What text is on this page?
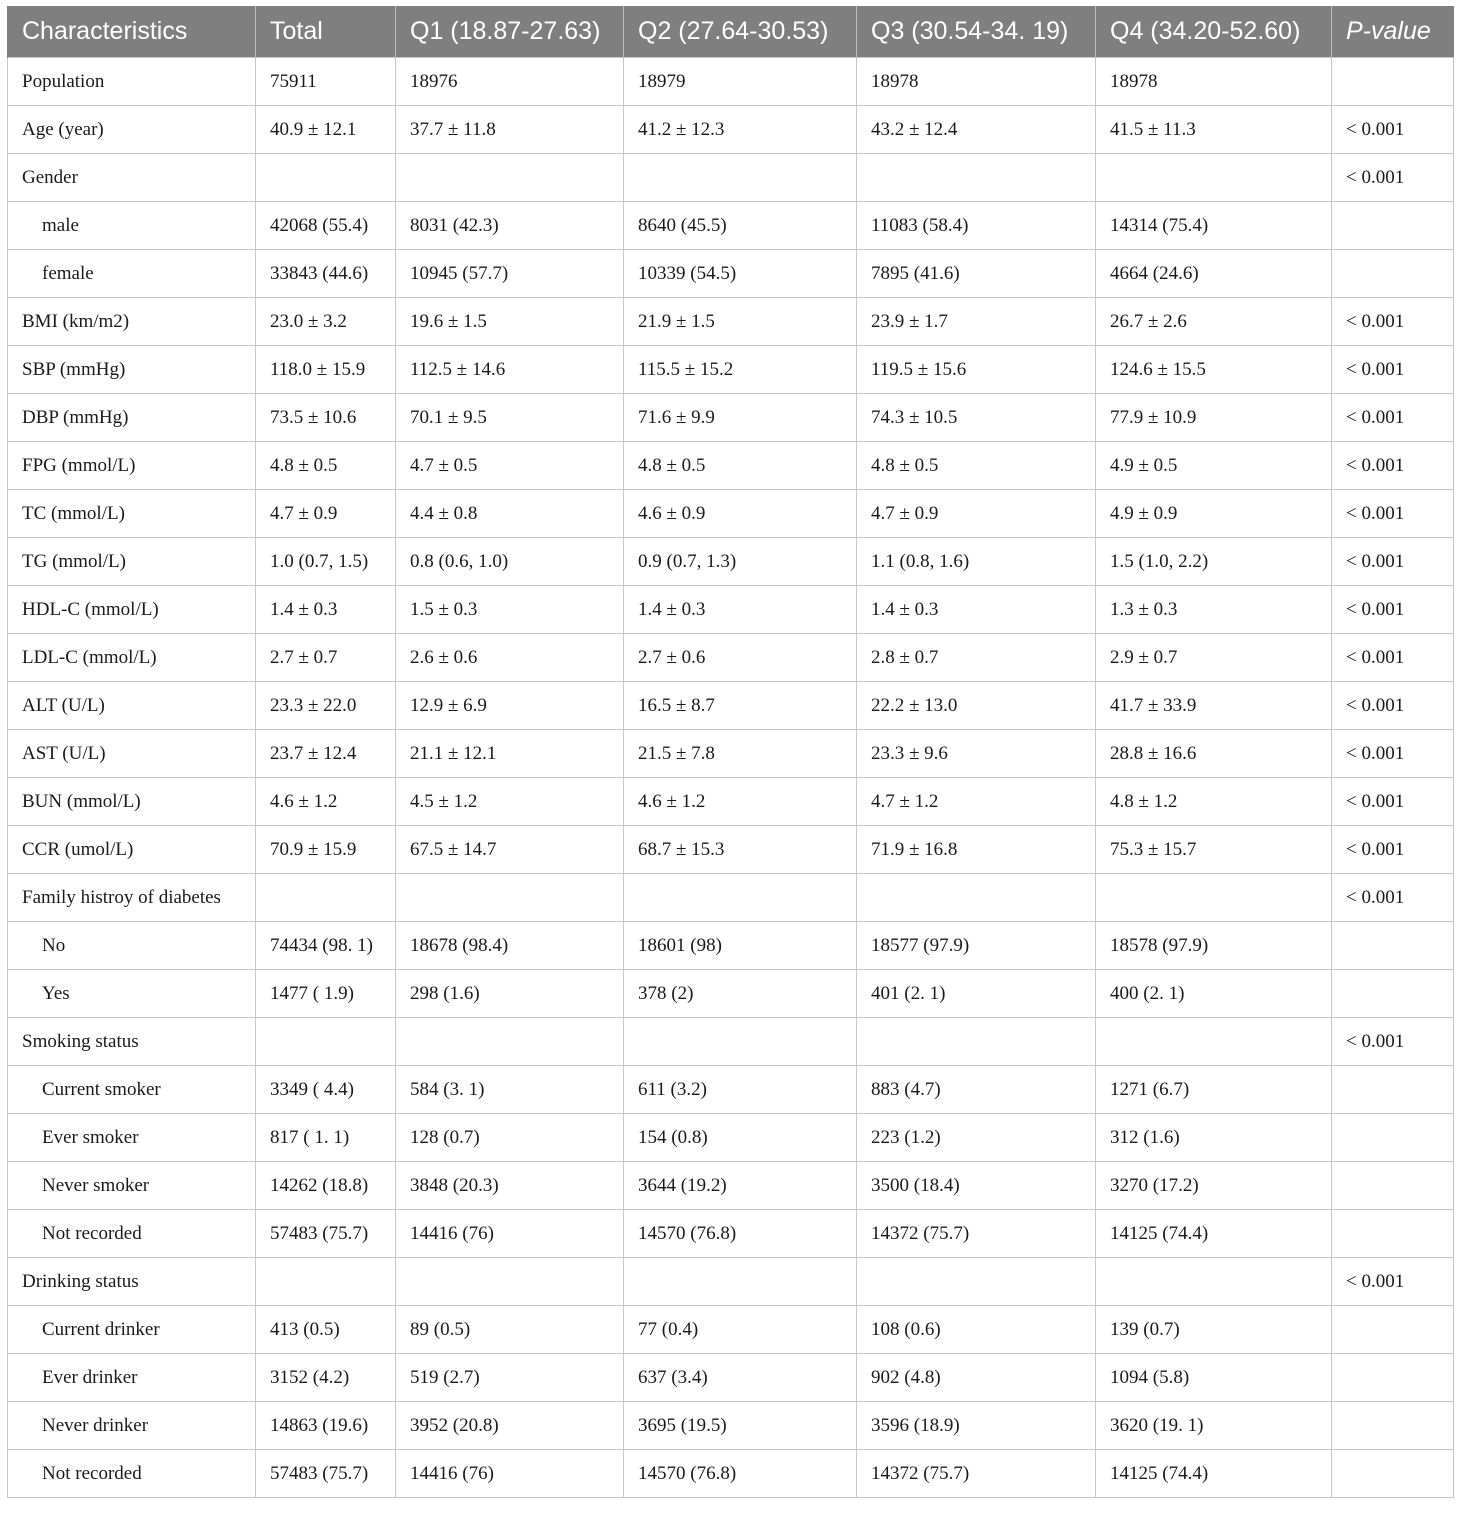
Characteristics	Total	Q1 (18.87-27.63)	Q2 (27.64-30.53)	Q3 (30.54-34. 19)	Q4 (34.20-52.60)	P-value
Population	75911	18976	18979	18978	18978	
Age (year)	40.9 ± 12.1	37.7 ± 11.8	41.2 ± 12.3	43.2 ± 12.4	41.5 ± 11.3	< 0.001
Gender						< 0.001
male	42068 (55.4)	8031 (42.3)	8640 (45.5)	11083 (58.4)	14314 (75.4)	
female	33843 (44.6)	10945 (57.7)	10339 (54.5)	7895 (41.6)	4664 (24.6)	
BMI (km/m2)	23.0 ± 3.2	19.6 ± 1.5	21.9 ± 1.5	23.9 ± 1.7	26.7 ± 2.6	< 0.001
SBP (mmHg)	118.0 ± 15.9	112.5 ± 14.6	115.5 ± 15.2	119.5 ± 15.6	124.6 ± 15.5	< 0.001
DBP (mmHg)	73.5 ± 10.6	70.1 ± 9.5	71.6 ± 9.9	74.3 ± 10.5	77.9 ± 10.9	< 0.001
FPG (mmol/L)	4.8 ± 0.5	4.7 ± 0.5	4.8 ± 0.5	4.8 ± 0.5	4.9 ± 0.5	< 0.001
TC (mmol/L)	4.7 ± 0.9	4.4 ± 0.8	4.6 ± 0.9	4.7 ± 0.9	4.9 ± 0.9	< 0.001
TG (mmol/L)	1.0 (0.7, 1.5)	0.8 (0.6, 1.0)	0.9 (0.7, 1.3)	1.1 (0.8, 1.6)	1.5 (1.0, 2.2)	< 0.001
HDL-C (mmol/L)	1.4 ± 0.3	1.5 ± 0.3	1.4 ± 0.3	1.4 ± 0.3	1.3 ± 0.3	< 0.001
LDL-C (mmol/L)	2.7 ± 0.7	2.6 ± 0.6	2.7 ± 0.6	2.8 ± 0.7	2.9 ± 0.7	< 0.001
ALT (U/L)	23.3 ± 22.0	12.9 ± 6.9	16.5 ± 8.7	22.2 ± 13.0	41.7 ± 33.9	< 0.001
AST (U/L)	23.7 ± 12.4	21.1 ± 12.1	21.5 ± 7.8	23.3 ± 9.6	28.8 ± 16.6	< 0.001
BUN (mmol/L)	4.6 ± 1.2	4.5 ± 1.2	4.6 ± 1.2	4.7 ± 1.2	4.8 ± 1.2	< 0.001
CCR (umol/L)	70.9 ± 15.9	67.5 ± 14.7	68.7 ± 15.3	71.9 ± 16.8	75.3 ± 15.7	< 0.001
Family histroy of diabetes						< 0.001
No	74434 (98. 1)	18678 (98.4)	18601 (98)	18577 (97.9)	18578 (97.9)	
Yes	1477 ( 1.9)	298 (1.6)	378 (2)	401 (2. 1)	400 (2. 1)	
Smoking status						< 0.001
Current smoker	3349 ( 4.4)	584 (3. 1)	611 (3.2)	883 (4.7)	1271 (6.7)	
Ever smoker	817 ( 1. 1)	128 (0.7)	154 (0.8)	223 (1.2)	312 (1.6)	
Never smoker	14262 (18.8)	3848 (20.3)	3644 (19.2)	3500 (18.4)	3270 (17.2)	
Not recorded	57483 (75.7)	14416 (76)	14570 (76.8)	14372 (75.7)	14125 (74.4)	
Drinking status						< 0.001
Current drinker	413 (0.5)	89 (0.5)	77 (0.4)	108 (0.6)	139 (0.7)	
Ever drinker	3152 (4.2)	519 (2.7)	637 (3.4)	902 (4.8)	1094 (5.8)	
Never drinker	14863 (19.6)	3952 (20.8)	3695 (19.5)	3596 (18.9)	3620 (19. 1)	
Not recorded	57483 (75.7)	14416 (76)	14570 (76.8)	14372 (75.7)	14125 (74.4)	
